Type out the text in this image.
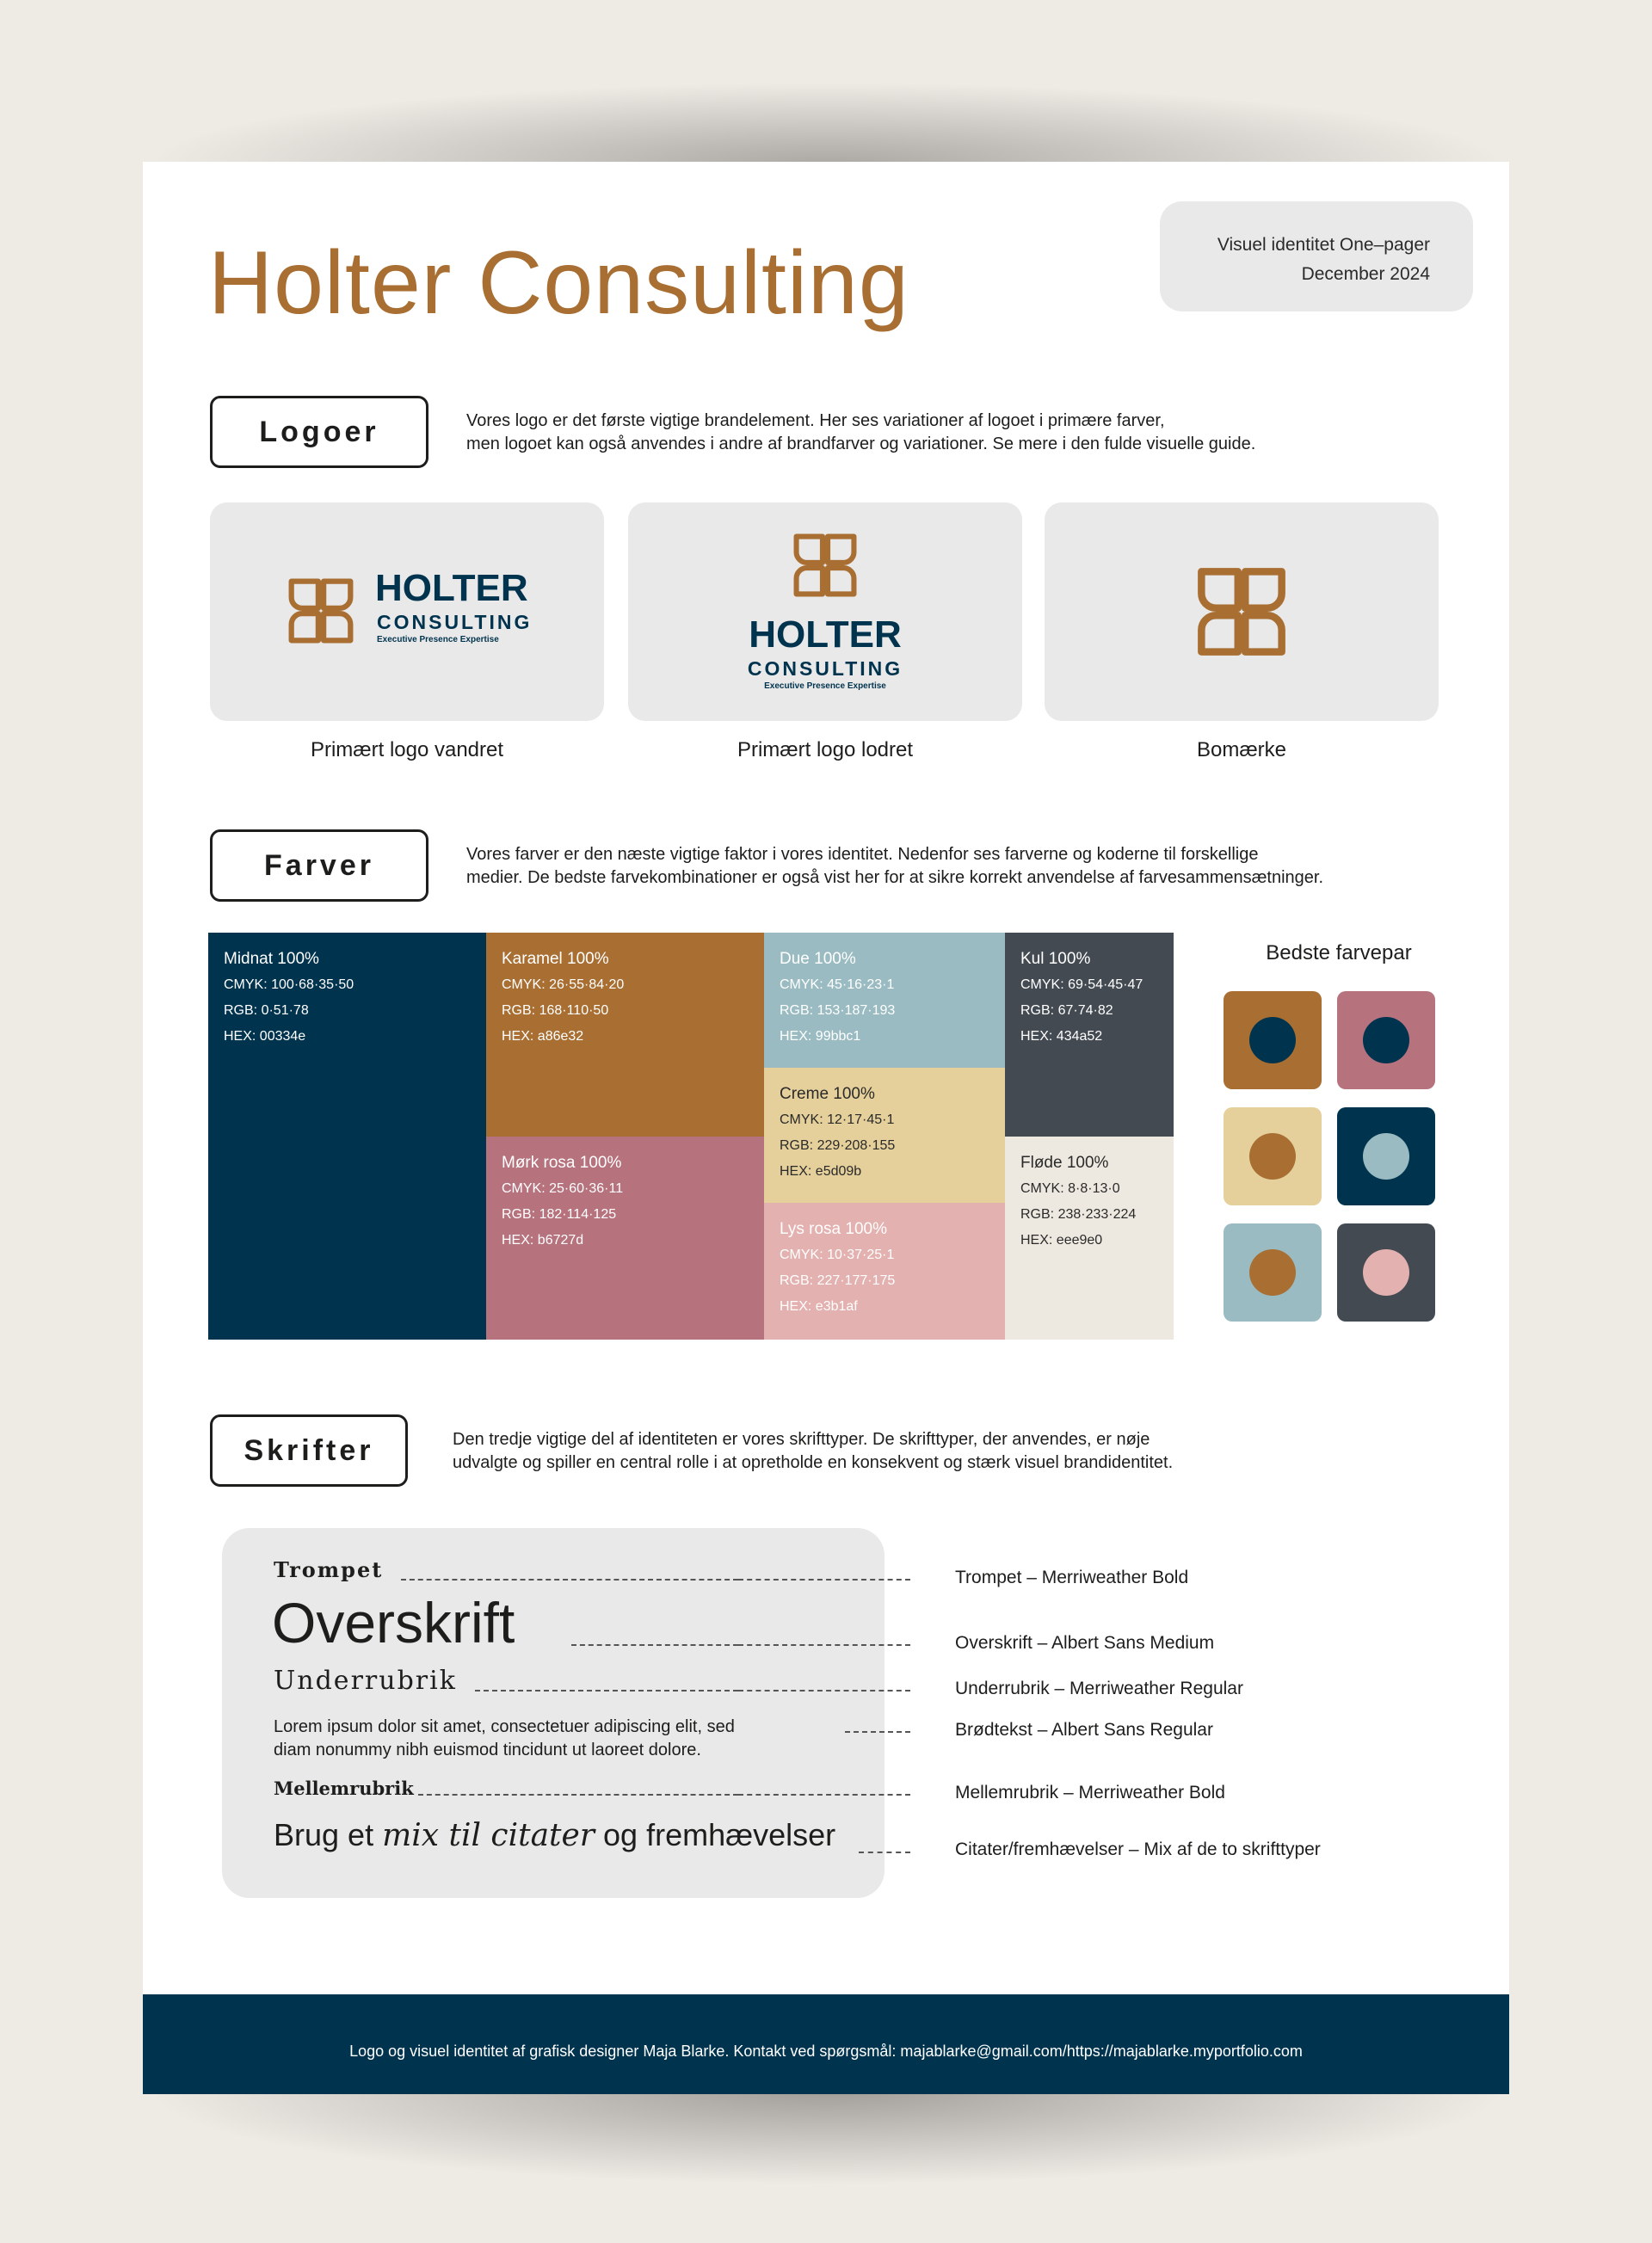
Holter Consulting	Visuel identitet One–pager
December 2024
Logoer	Vores logo er det første vigtige brandelement. Her ses variationer af logoet i primære farver,
men logoet kan også anvendes i andre af brandfarver og variationer. Se mere i den fulde visuelle guide.
HOLTER
CONSULTING
Executive Presence Expertise
Primært logo vandret
HOLTER
CONSULTING
Executive Presence Expertise
Primært logo lodret	Bomærke
Farver	Vores farver er den næste vigtige faktor i vores identitet. Nedenfor ses farverne og koderne til forskellige
medier. De bedste farvekombinationer er også vist her for at sikre korrekt anvendelse af farvesammensætninger.
Midnat 100%
CMYK: 100·68·35·50
RGB: 0·51·78
HEX: 00334e
Karamel 100%
CMYK: 26·55·84·20
RGB: 168·110·50
HEX: a86e32
Mørk rosa 100%
CMYK: 25·60·36·11
RGB: 182·114·125
HEX: b6727d
Due 100%
CMYK: 45·16·23·1
RGB: 153·187·193
HEX: 99bbc1
Creme 100%
CMYK: 12·17·45·1
RGB: 229·208·155
HEX: e5d09b
Lys rosa 100%
CMYK: 10·37·25·1
RGB: 227·177·175
HEX: e3b1af
Kul 100%
CMYK: 69·54·45·47
RGB: 67·74·82
HEX: 434a52
Fløde 100%
CMYK: 8·8·13·0
RGB: 238·233·224
HEX: eee9e0
Bedste farvepar
Skrifter	Den tredje vigtige del af identiteten er vores skrifttyper. De skrifttyper, der anvendes, er nøje
udvalgte og spiller en central rolle i at opretholde en konsekvent og stærk visuel brandidentitet.
Trompet
Overskrift
Underrubrik
Lorem ipsum dolor sit amet, consectetuer adipiscing elit, sed
diam nonummy nibh euismod tincidunt ut laoreet dolore.
Mellemrubrik
Brug et mix til citater og fremhævelser
Trompet – Merriweather Bold
Overskrift – Albert Sans Medium
Underrubrik – Merriweather Regular
Brødtekst – Albert Sans Regular
Mellemrubrik – Merriweather Bold
Citater/fremhævelser – Mix af de to skrifttyper
Logo og visuel identitet af grafisk designer Maja Blarke. Kontakt ved spørgsmål: majablarke@gmail.com/https://majablarke.myportfolio.com
